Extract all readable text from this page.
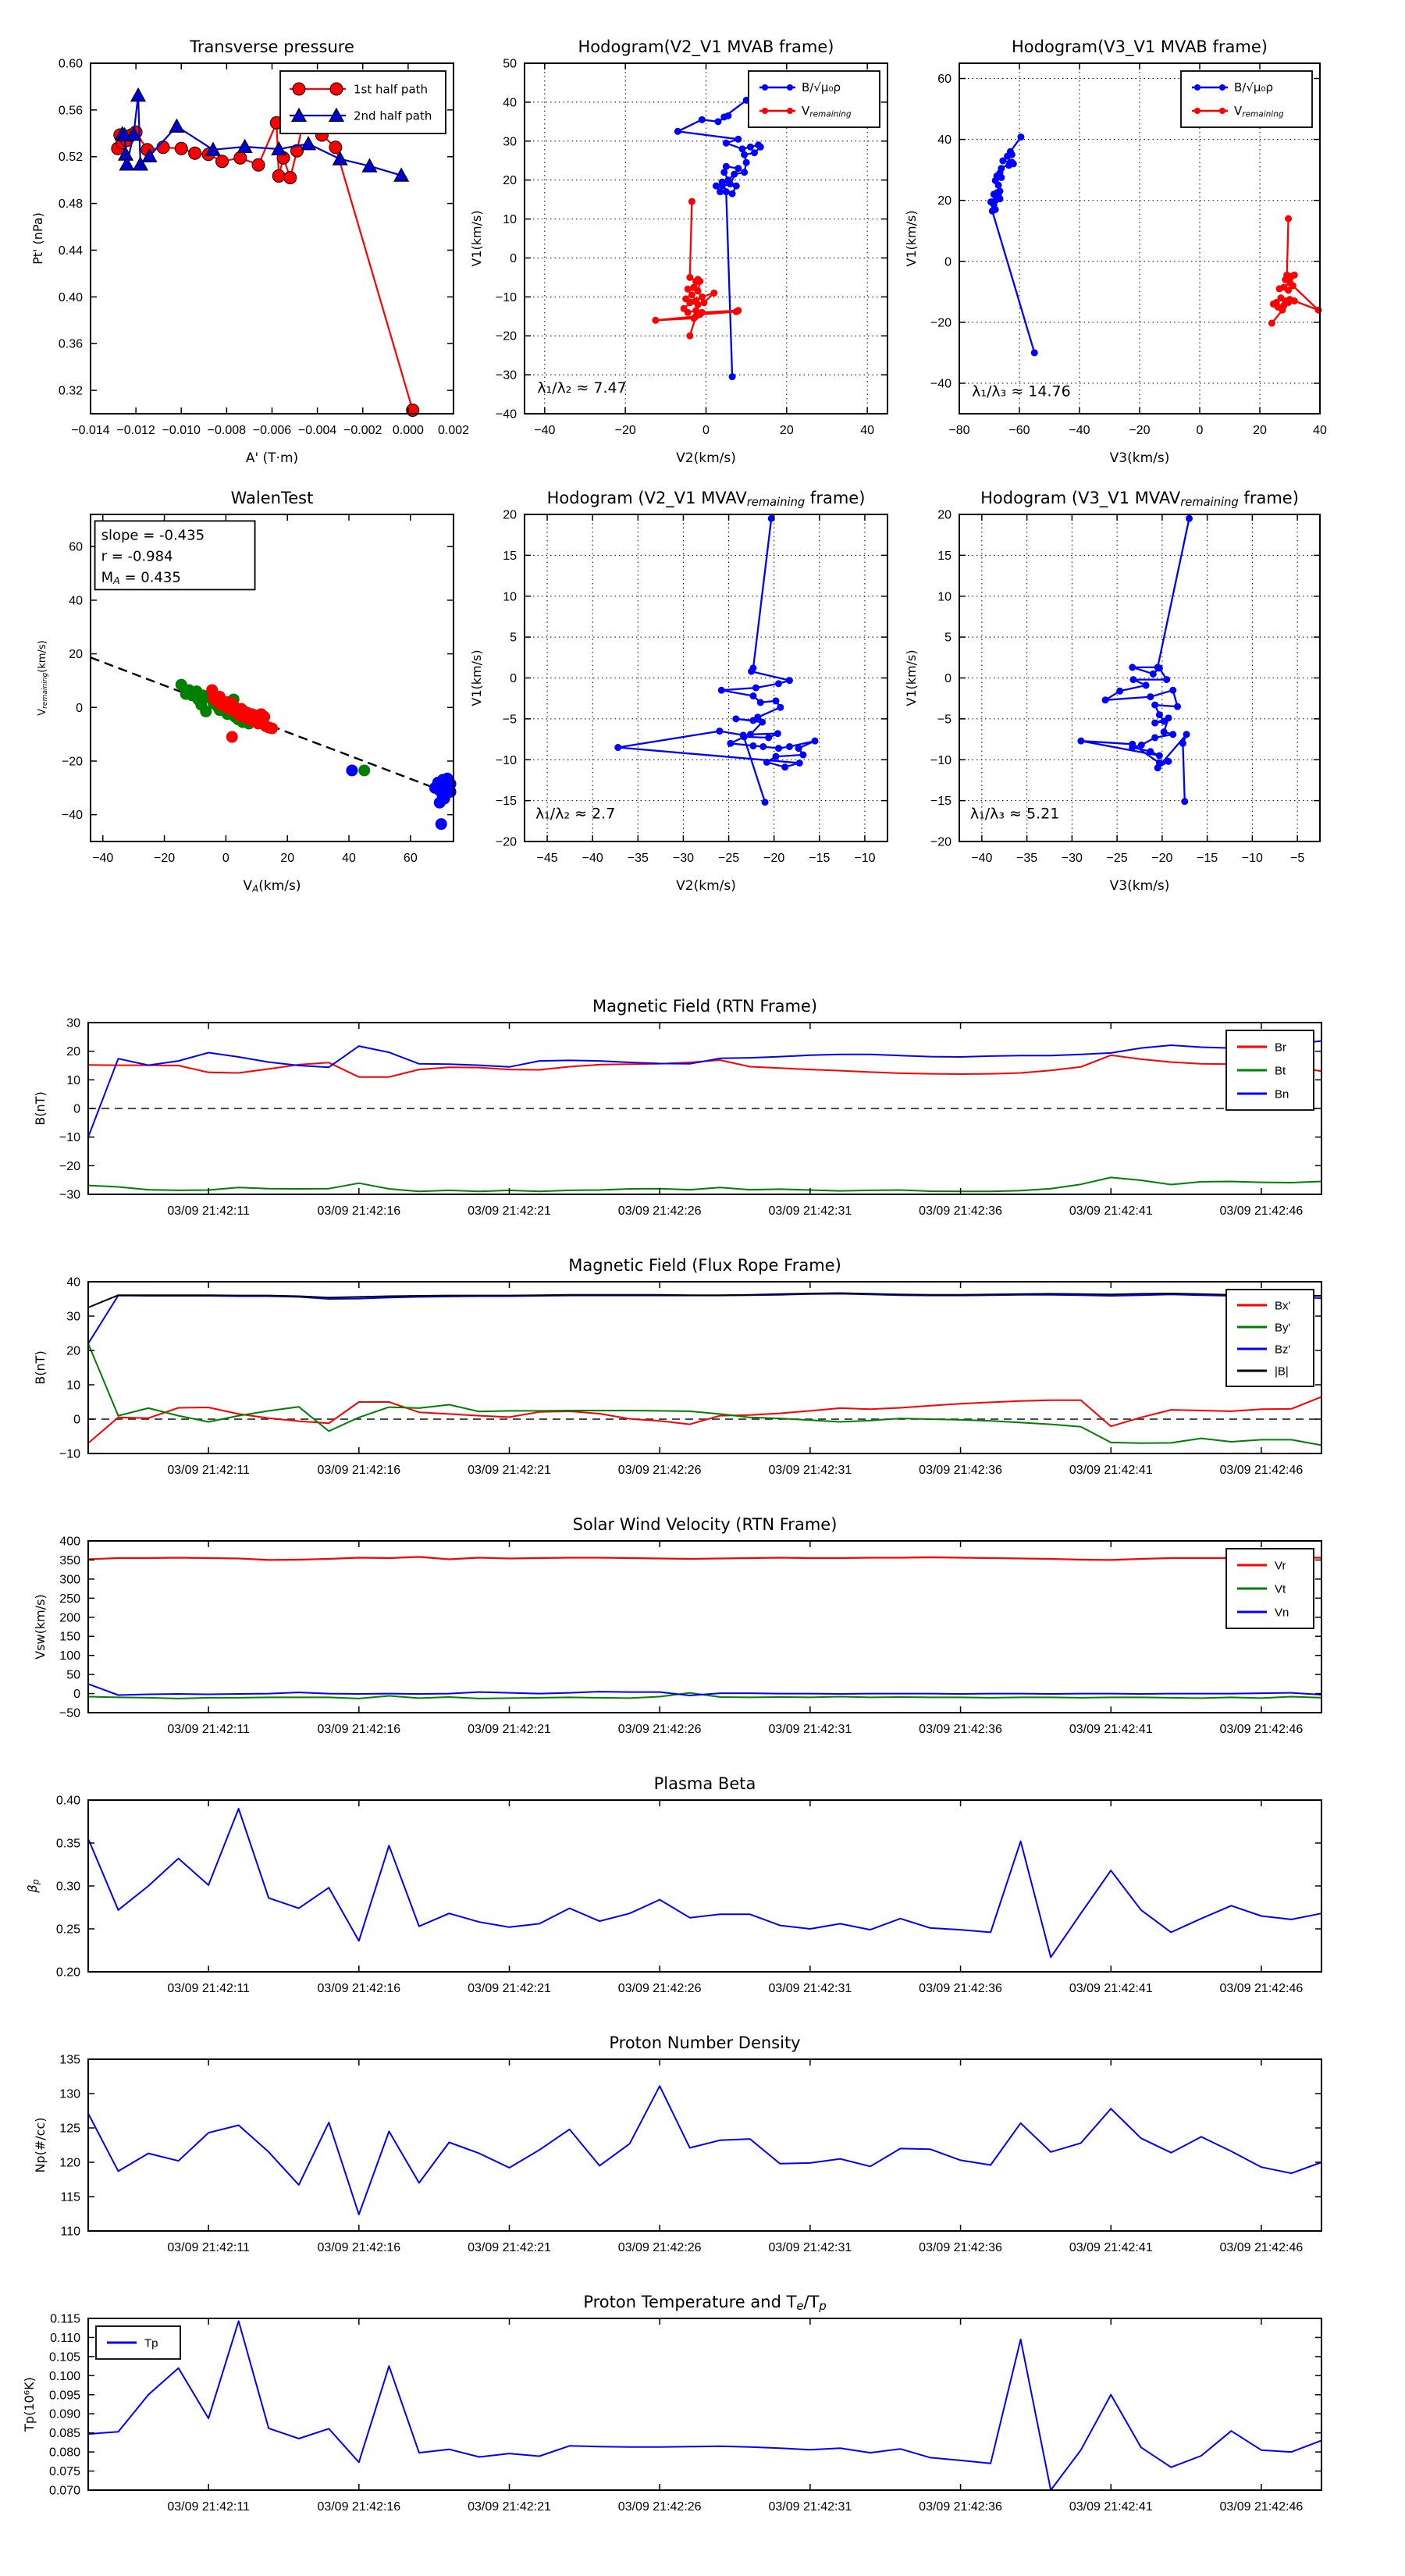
−0.014 −0.012 −0.010 −0.008 −0.006 −0.004 −0.002 0.000 0.002
0.32
0.36
0.40
0.44
0.48
0.52
0.56
0.60
Transverse pressure
A' (T·m)
Pt' (nPa)
1st half path
2nd half path
−40	−20	0	20	40
−40
−30
−20
−10
0
10
20
30
40
50
Hodogram(V2_V1 MVAB frame)
V2(km/s)
V1(km/s)
B/√μ₀ρ
Vremaining
λ₁/λ₂ ≈ 7.47
−80	−60	−40	−20	0	20	40
−40
−20
0
20
40
60
Hodogram(V3_V1 MVAB frame)
V3(km/s)
V1(km/s)
B/√μ₀ρ
Vremaining
λ₁/λ₃ ≈ 14.76
−40	−20	0	20	40	60
−40
−20
0
20
40
60
WalenTest
VA(km/s)
Vremaining(km/s)
slope = -0.435
r = -0.984
MA = 0.435
−45 −40 −35 −30 −25 −20 −15 −10
−20
−15
−10
−5
0
5
10
15
20
Hodogram (V2_V1 MVAVremaining frame)
V2(km/s)
V1(km/s)
λ₁/λ₂ ≈ 2.7
−40 −35 −30 −25 −20 −15 −10 −5
−20
−15
−10
−5
0
5
10
15
20
Hodogram (V3_V1 MVAVremaining frame)
V3(km/s)
V1(km/s)
λ₁/λ₃ ≈ 5.21
03/09 21:42:11	03/09 21:42:16	03/09 21:42:21	03/09 21:42:26	03/09 21:42:31	03/09 21:42:36	03/09 21:42:41	03/09 21:42:46
−30
−20
−10
0
10
20
30
Magnetic Field (RTN Frame)
B(nT)
Br
Bt
Bn
03/09 21:42:11	03/09 21:42:16	03/09 21:42:21	03/09 21:42:26	03/09 21:42:31	03/09 21:42:36	03/09 21:42:41	03/09 21:42:46
−10
0
10
20
30
40
Magnetic Field (Flux Rope Frame)
B(nT)
Bx'
By'
Bz'
|B|
03/09 21:42:11	03/09 21:42:16	03/09 21:42:21	03/09 21:42:26	03/09 21:42:31	03/09 21:42:36	03/09 21:42:41	03/09 21:42:46
−50
0
50
100
150
200
250
300
350
400
Solar Wind Velocity (RTN Frame)
Vsw(km/s)
Vr
Vt
Vn
03/09 21:42:11	03/09 21:42:16	03/09 21:42:21	03/09 21:42:26	03/09 21:42:31	03/09 21:42:36	03/09 21:42:41	03/09 21:42:46
0.20
0.25
0.30
0.35
0.40
Plasma Beta
βp
03/09 21:42:11	03/09 21:42:16	03/09 21:42:21	03/09 21:42:26	03/09 21:42:31	03/09 21:42:36	03/09 21:42:41	03/09 21:42:46
110
115
120
125
130
135
Proton Number Density
Np(#/cc)
03/09 21:42:11	03/09 21:42:16	03/09 21:42:21	03/09 21:42:26	03/09 21:42:31	03/09 21:42:36	03/09 21:42:41	03/09 21:42:46
0.070
0.075
0.080
0.085
0.090
0.095
0.100
0.105
0.110
0.115
Proton Temperature and Te/Tp
Tp(10⁶K)
Tp
